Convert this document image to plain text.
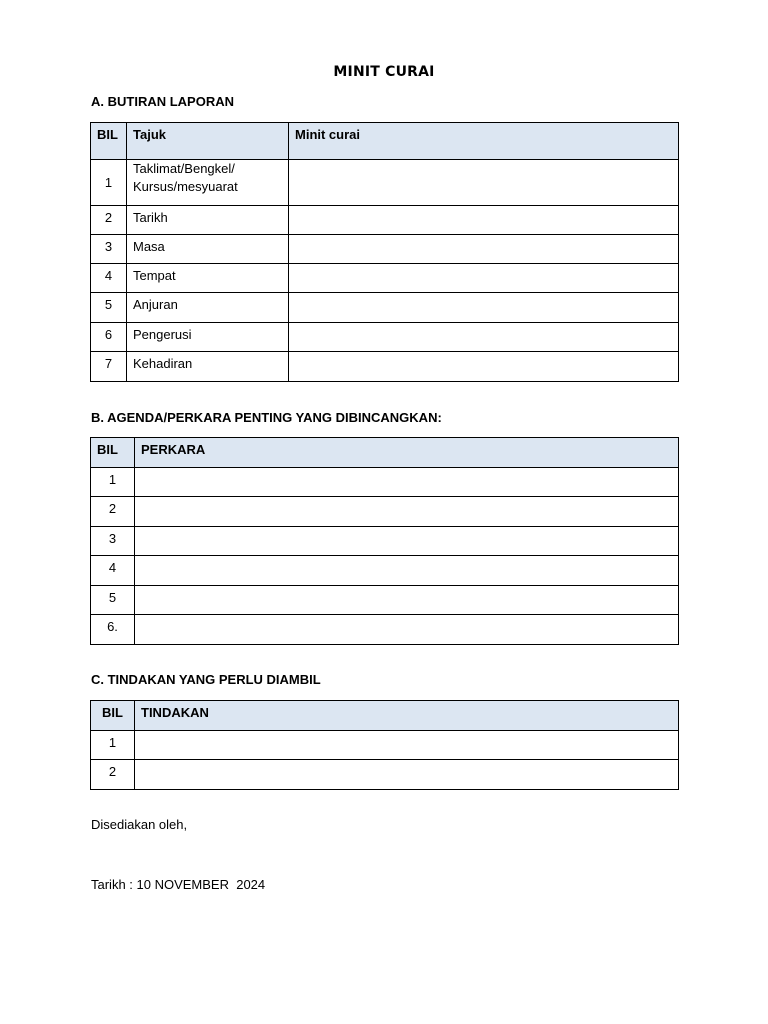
MINIT CURAI
A. BUTIRAN LAPORAN
BIL	Tajuk	Minit curai
1	Taklimat/Bengkel/
Kursus/mesyuarat	

2	Tarikh	
3	Masa	
4	Tempat	
5	Anjuran	
6	Pengerusi	
7	Kehadiran	
B. AGENDA/PERKARA PENTING YANG DIBINCANGKAN:
BIL	PERKARA
1	
2	
3	
4	
5	
6.	
C. TINDAKAN YANG PERLU DIAMBIL
BIL	TINDAKAN
1	
2	
Disediakan oleh,
Tarikh : 10 NOVEMBER  2024
